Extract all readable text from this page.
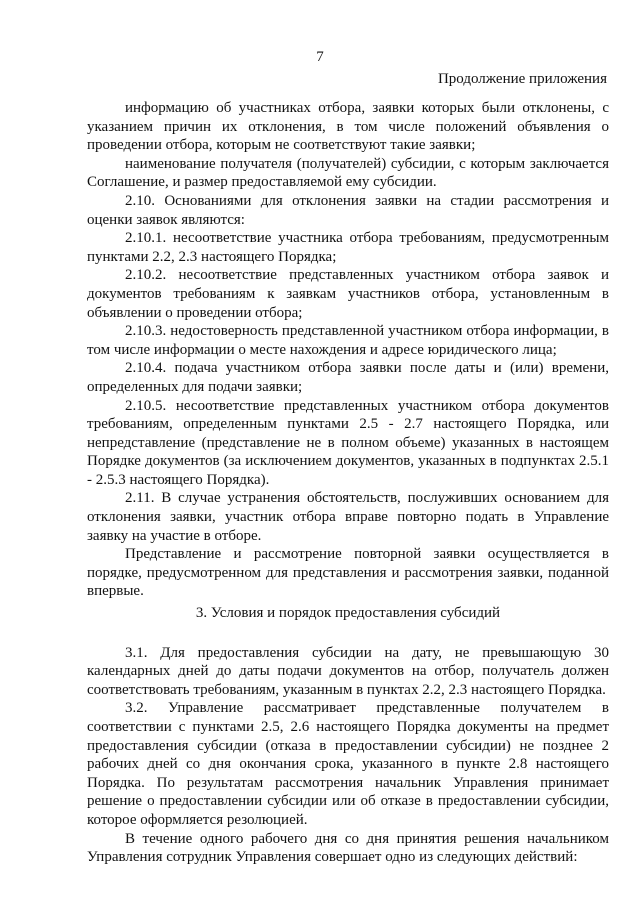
7
Продолжение приложения

информацию об участниках отбора, заявки которых были отклонены, с указанием причин их отклонения, в том числе положений объявления о проведении отбора, которым не соответствуют такие заявки;

наименование получателя (получателей) субсидии, с которым заключается Соглашение, и размер предоставляемой ему субсидии.

2.10. Основаниями для отклонения заявки на стадии рассмотрения и оценки заявок являются:

2.10.1. несоответствие участника отбора требованиям, предусмотренным пунктами 2.2, 2.3 настоящего Порядка;

2.10.2. несоответствие представленных участником отбора заявок и документов требованиям к заявкам участников отбора, установленным в объявлении о проведении отбора;

2.10.3. недостоверность представленной участником отбора информации, в том числе информации о месте нахождения и адресе юридического лица;

2.10.4. подача участником отбора заявки после даты и (или) времени, определенных для подачи заявки;

2.10.5. несоответствие представленных участником отбора документов требованиям, определенным пунктами 2.5 - 2.7 настоящего Порядка, или непредставление (представление не в полном объеме) указанных в настоящем Порядке документов (за исключением документов, указанных в подпунктах 2.5.1 - 2.5.3 настоящего Порядка).

2.11. В случае устранения обстоятельств, послуживших основанием для отклонения заявки, участник отбора вправе повторно подать в Управление заявку на участие в отборе.

Представление и рассмотрение повторной заявки осуществляется в порядке, предусмотренном для представления и рассмотрения заявки, поданной впервые.

3. Условия и порядок предоставления субсидий

3.1. Для предоставления субсидии на дату, не превышающую 30 календарных дней до даты подачи документов на отбор, получатель должен соответствовать требованиям, указанным в пунктах 2.2, 2.3 настоящего Порядка.

3.2. Управление рассматривает представленные получателем в соответствии с пунктами 2.5, 2.6 настоящего Порядка документы на предмет предоставления субсидии (отказа в предоставлении субсидии) не позднее 2 рабочих дней со дня окончания срока, указанного в пункте 2.8 настоящего Порядка. По результатам рассмотрения начальник Управления принимает решение о предоставлении субсидии или об отказе в предоставлении субсидии, которое оформляется резолюцией.

В течение одного рабочего дня со дня принятия решения начальником Управления сотрудник Управления совершает одно из следующих действий:
